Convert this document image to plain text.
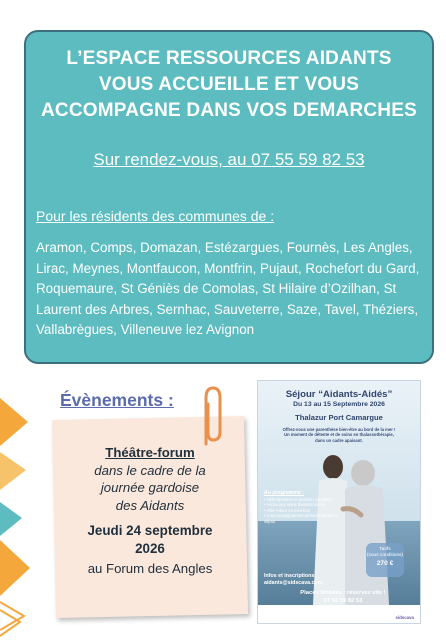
L’ESPACE RESSOURCES AIDANTS
VOUS ACCUEILLE ET VOUS
ACCOMPAGNE DANS VOS DEMARCHES
Sur rendez-vous, au 07 55 59 82 53
Pour les résidents des communes de :
Aramon, Comps, Domazan, Estézargues, Fournès, Les Angles, Lirac, Meynes, Montfaucon, Montfrin, Pujaut, Rochefort du Gard, Roquemaure, St Géniès de Comolas, St Hilaire d’Ozilhan, St Laurent des Arbres, Sernhac, Sauveterre, Saze, Tavel, Théziers, Vallabrègues, Villeneuve lez Avignon
Évènements :
Théâtre-forum
dans le cadre de la
journée gardoise
des Aidants
Jeudi 24 septembre
2026
au Forum des Angles
Séjour “Aidants-Aidés”
Du 13 au 15 Septembre 2026
Thalazur Port Camargue
Offrez-vous une parenthèse bien-être au bord de la mer !
Un moment de détente et de soins en thalassothérapie,
dans un cadre apaisant.
Au programme :
• Hébergement en pension complète
• Accès aux soins thalasso inclus
• Aller-retour en mini-bus
• 3 accompagnateurs présents durant le séjour
Tarifs
(sous conditions)
270 €
Infos et inscriptions :
aidants@sidscava.com
Places limitées : réservez vite !
07 55 59 82 53
sidscava
